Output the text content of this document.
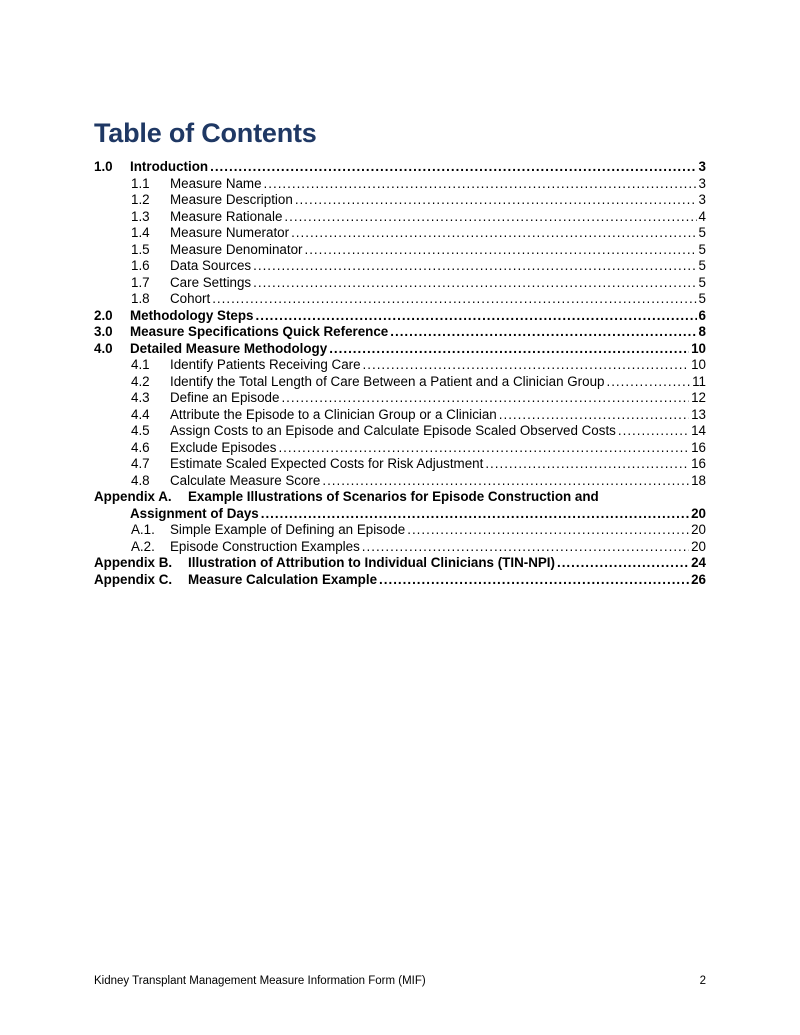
Table of Contents
1.0	Introduction .....	3
1.1	Measure Name .....	3
1.2	Measure Description .....	3
1.3	Measure Rationale .....	4
1.4	Measure Numerator .....	5
1.5	Measure Denominator .....	5
1.6	Data Sources .....	5
1.7	Care Settings .....	5
1.8	Cohort .....	5
2.0	Methodology Steps .....	6
3.0	Measure Specifications Quick Reference .....	8
4.0	Detailed Measure Methodology .....	10
4.1	Identify Patients Receiving Care .....	10
4.2	Identify the Total Length of Care Between a Patient and a Clinician Group .....	11
4.3	Define an Episode .....	12
4.4	Attribute the Episode to a Clinician Group or a Clinician .....	13
4.5	Assign Costs to an Episode and Calculate Episode Scaled Observed Costs .....	14
4.6	Exclude Episodes .....	16
4.7	Estimate Scaled Expected Costs for Risk Adjustment .....	16
4.8	Calculate Measure Score .....	18
Appendix A.	Example Illustrations of Scenarios for Episode Construction and
Assignment of Days .....	20
A.1.	Simple Example of Defining an Episode .....	20
A.2.	Episode Construction Examples .....	20
Appendix B.	Illustration of Attribution to Individual Clinicians (TIN-NPI) .....	24
Appendix C.	Measure Calculation Example .....	26
Kidney Transplant Management Measure Information Form (MIF)	2
